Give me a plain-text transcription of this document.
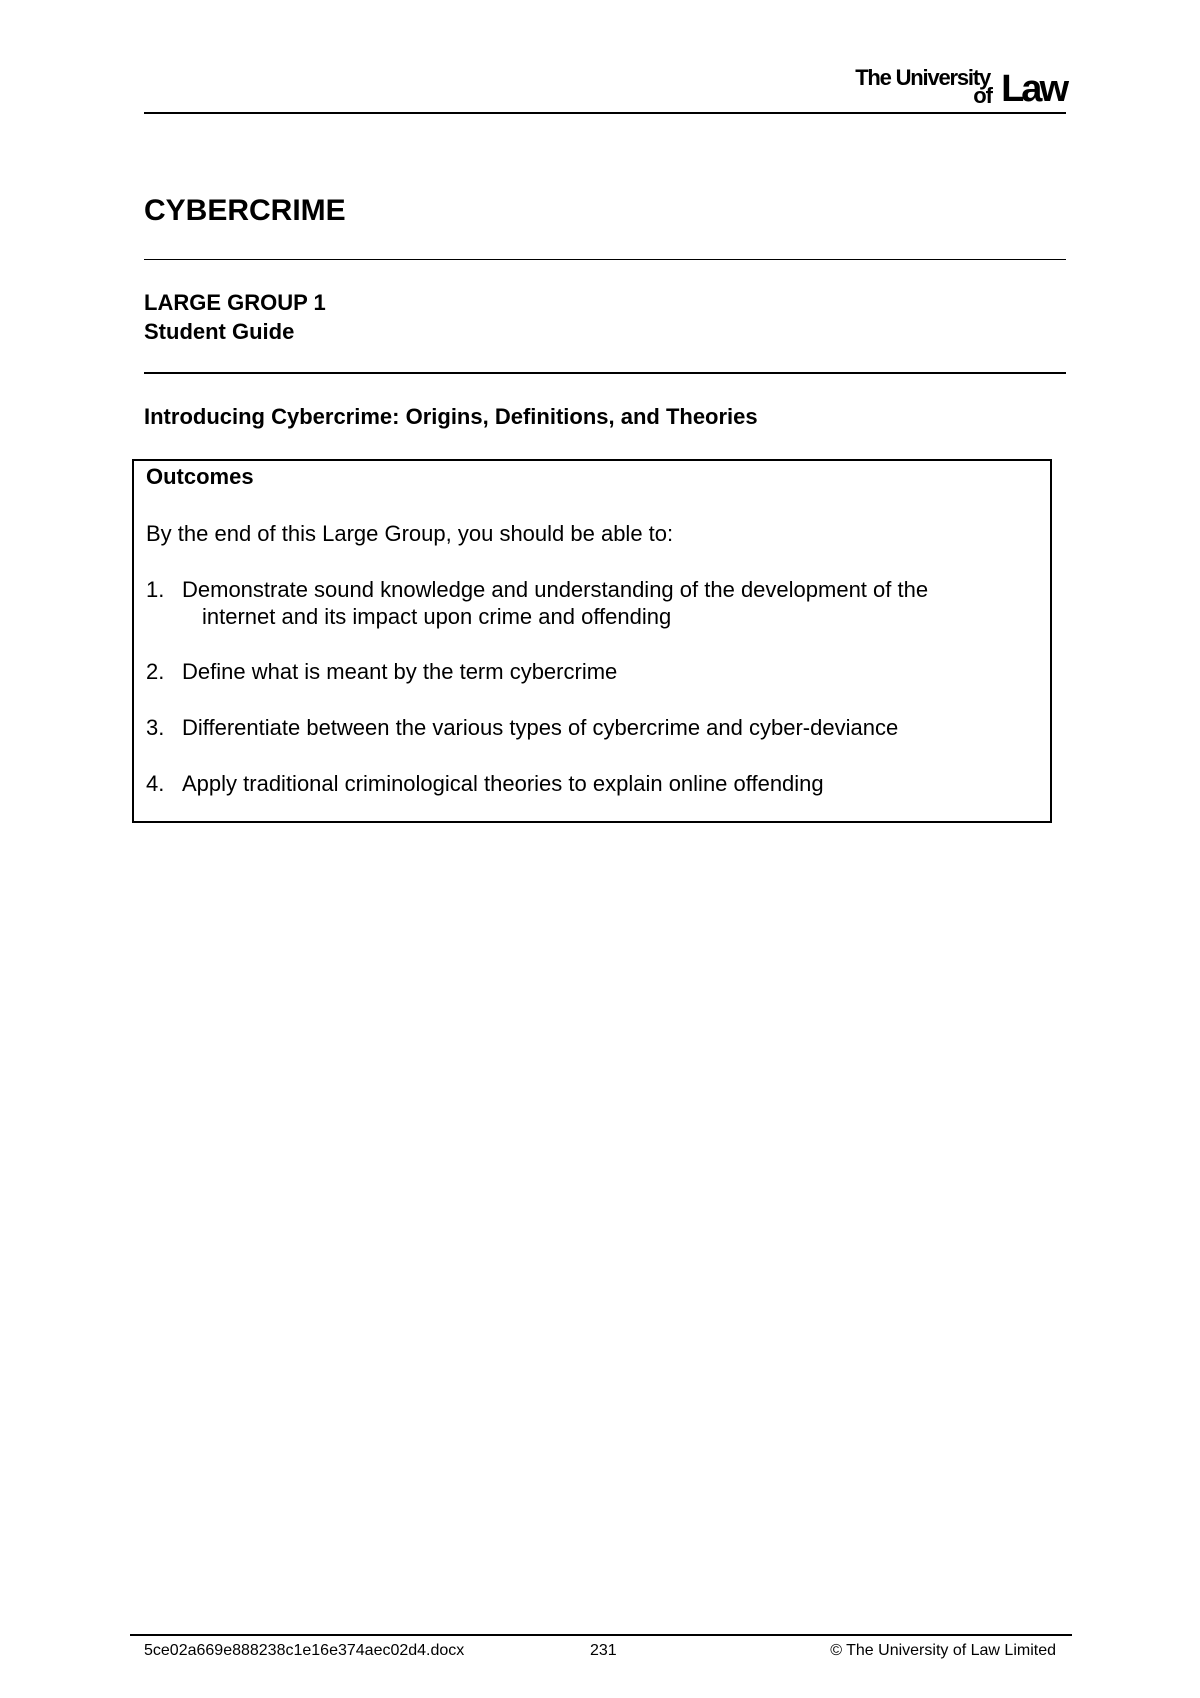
The University
of Law
CYBERCRIME
LARGE GROUP 1
Student Guide
Introducing Cybercrime: Origins, Definitions, and Theories
Outcomes
By the end of this Large Group, you should be able to:
1. Demonstrate sound knowledge and understanding of the development of the
internet and its impact upon crime and offending
2. Define what is meant by the term cybercrime
3. Differentiate between the various types of cybercrime and cyber-deviance
4. Apply traditional criminological theories to explain online offending
5ce02a669e888238c1e16e374aec02d4.docx	231	© The University of Law Limited
